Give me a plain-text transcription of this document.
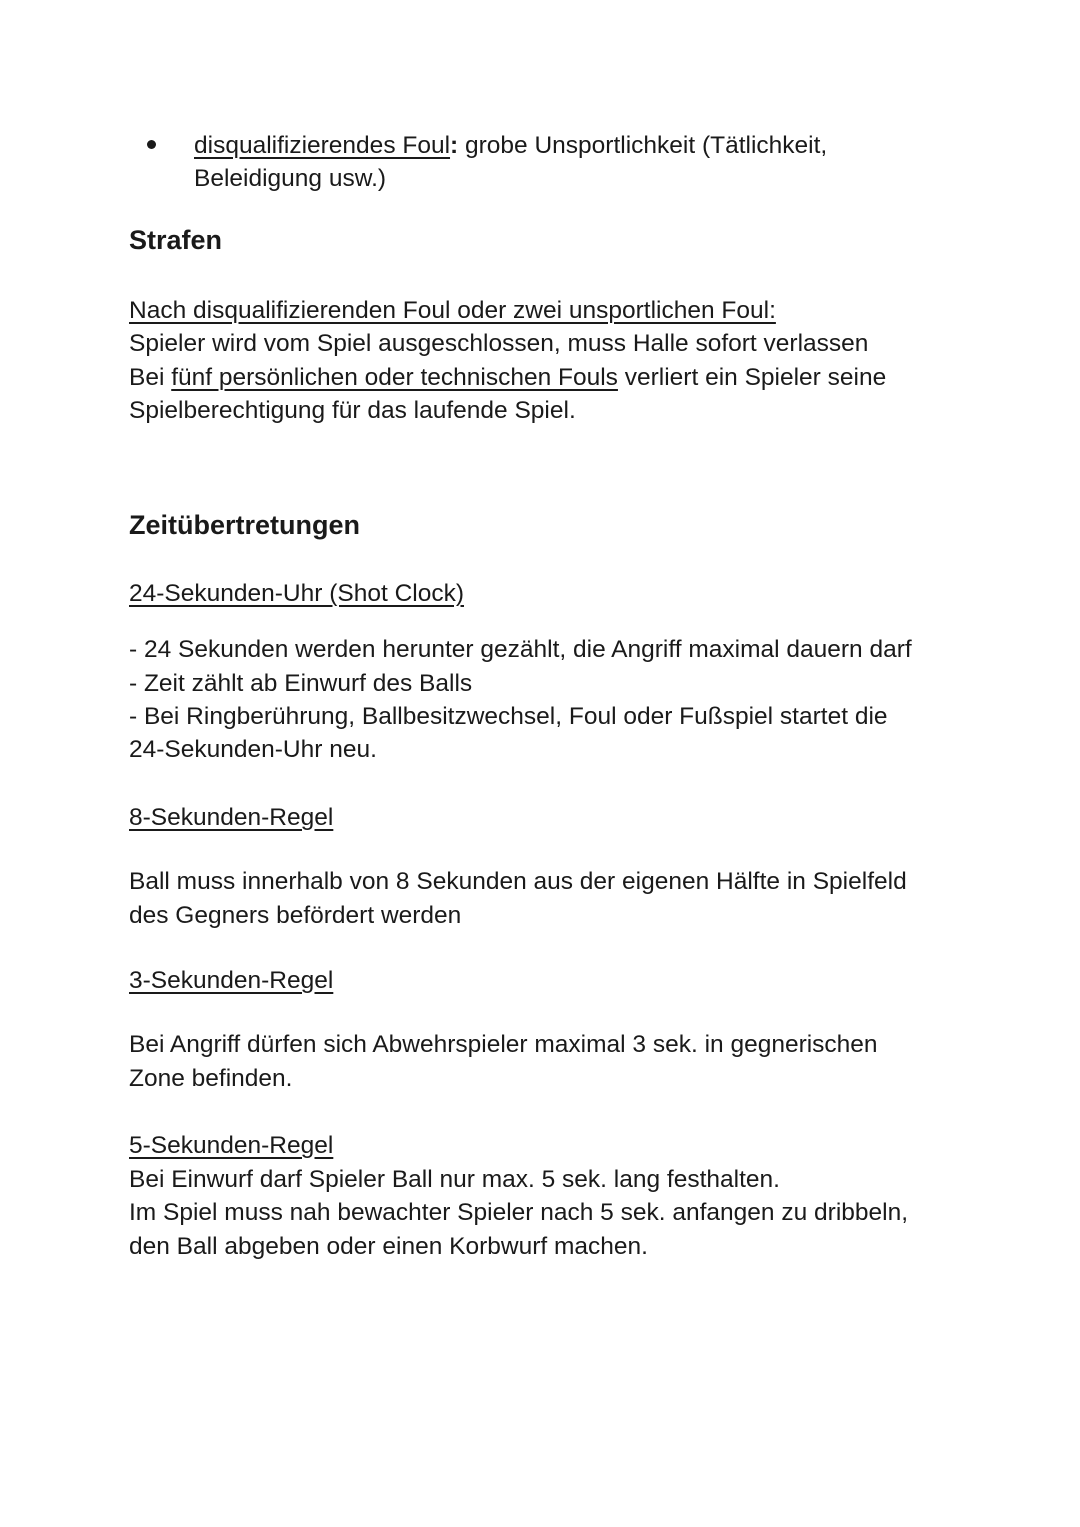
disqualifizierendes Foul: grobe Unsportlichkeit (Tätlichkeit,
Beleidigung usw.)
Strafen
Nach disqualifizierenden Foul oder zwei unsportlichen Foul:
Spieler wird vom Spiel ausgeschlossen, muss Halle sofort verlassen
Bei fünf persönlichen oder technischen Fouls verliert ein Spieler seine
Spielberechtigung für das laufende Spiel.
Zeitübertretungen
24-Sekunden-Uhr (Shot Clock)
- 24 Sekunden werden herunter gezählt, die Angriff maximal dauern darf
- Zeit zählt ab Einwurf des Balls
- Bei Ringberührung, Ballbesitzwechsel, Foul oder Fußspiel startet die
24-Sekunden-Uhr neu.
8-Sekunden-Regel
Ball muss innerhalb von 8 Sekunden aus der eigenen Hälfte in Spielfeld
des Gegners befördert werden
3-Sekunden-Regel
Bei Angriff dürfen sich Abwehrspieler maximal 3 sek. in gegnerischen
Zone befinden.
5-Sekunden-Regel
Bei Einwurf darf Spieler Ball nur max. 5 sek. lang festhalten.
Im Spiel muss nah bewachter Spieler nach 5 sek. anfangen zu dribbeln,
den Ball abgeben oder einen Korbwurf machen.
